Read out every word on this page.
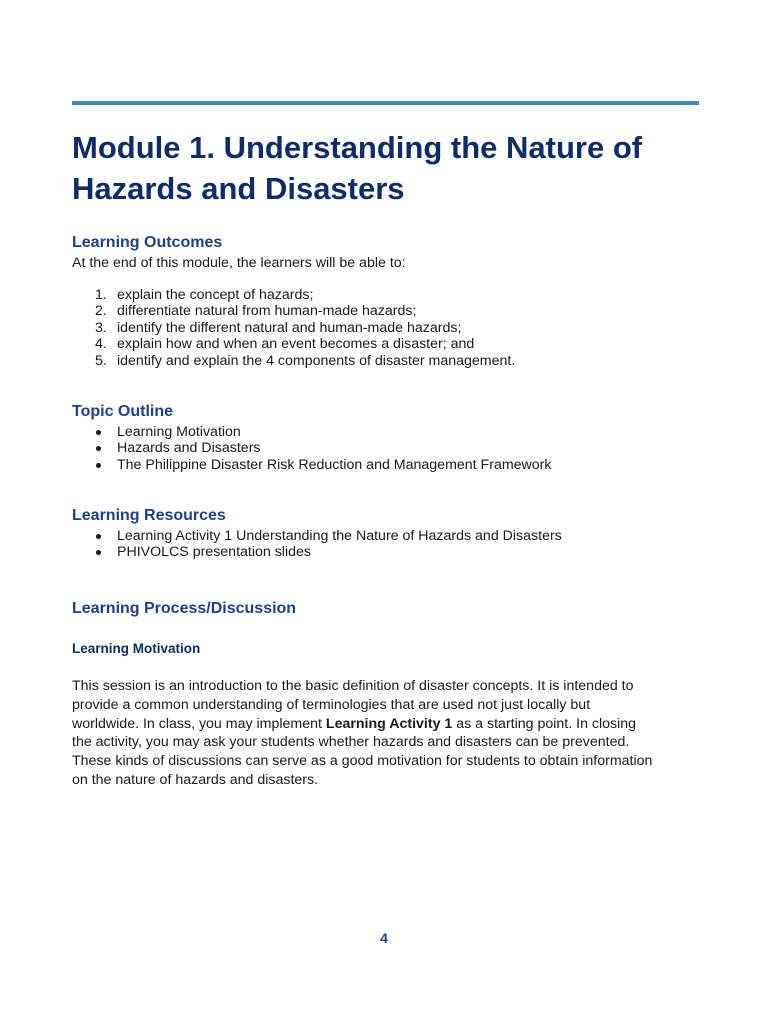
Module 1. Understanding the Nature of
Hazards and Disasters
Learning Outcomes

At the end of this module, the learners will be able to:

1. explain the concept of hazards;
2. differentiate natural from human-made hazards;
3. identify the different natural and human-made hazards;
4. explain how and when an event becomes a disaster; and
5. identify and explain the 4 components of disaster management.
Topic Outline
Learning Motivation
Hazards and Disasters
The Philippine Disaster Risk Reduction and Management Framework
Learning Resources
Learning Activity 1 Understanding the Nature of Hazards and Disasters
PHIVOLCS presentation slides
Learning Process/Discussion
Learning Motivation
This session is an introduction to the basic definition of disaster concepts. It is intended to
provide a common understanding of terminologies that are used not just locally but
worldwide. In class, you may implement Learning Activity 1 as a starting point. In closing
the activity, you may ask your students whether hazards and disasters can be prevented.
These kinds of discussions can serve as a good motivation for students to obtain information
on the nature of hazards and disasters.
4
